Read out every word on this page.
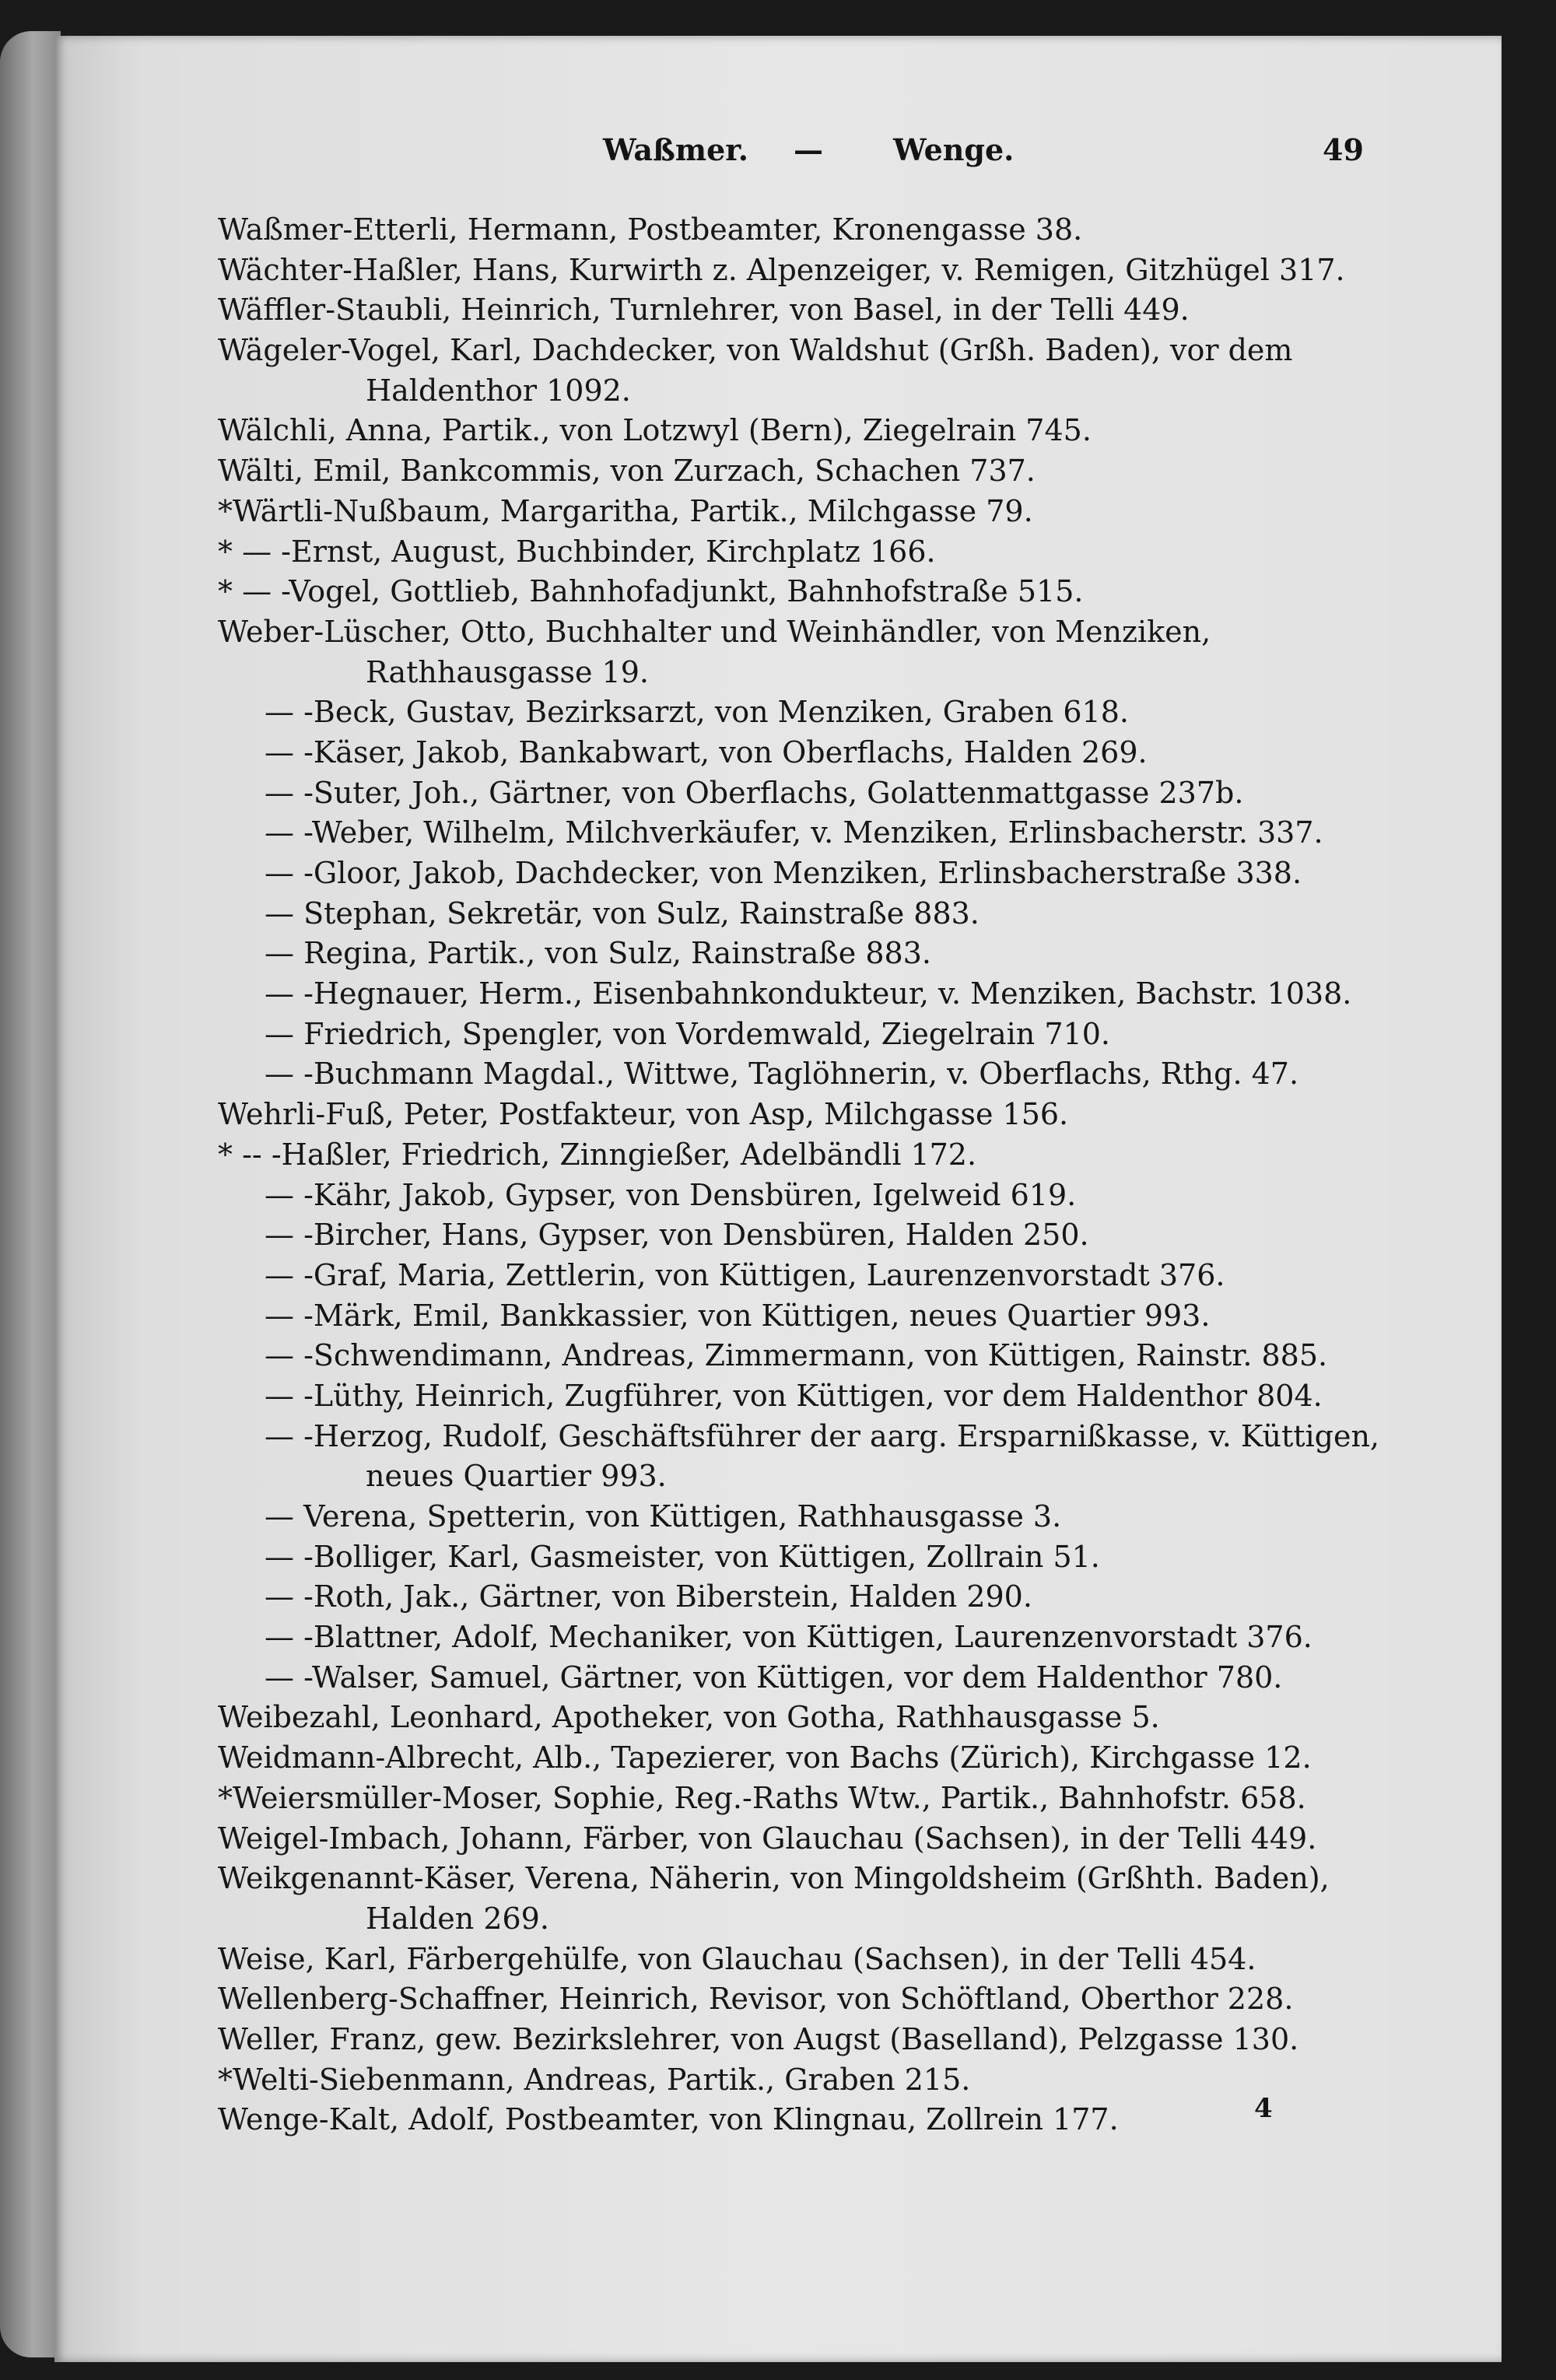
Waßmer. — Wenge.	49
Waßmer-Etterli, Hermann, Postbeamter, Kronengasse 38.
Wächter-Haßler, Hans, Kurwirth z. Alpenzeiger, v. Remigen, Gitzhügel 317.
Wäffler-Staubli, Heinrich, Turnlehrer, von Basel, in der Telli 449.
Wägeler-Vogel, Karl, Dachdecker, von Waldshut (Grßh. Baden), vor dem
Haldenthor 1092.
Wälchli, Anna, Partik., von Lotzwyl (Bern), Ziegelrain 745.
Wälti, Emil, Bankcommis, von Zurzach, Schachen 737.
*Wärtli-Nußbaum, Margaritha, Partik., Milchgasse 79.
* — -Ernst, August, Buchbinder, Kirchplatz 166.
* — -Vogel, Gottlieb, Bahnhofadjunkt, Bahnhofstraße 515.
Weber-Lüscher, Otto, Buchhalter und Weinhändler, von Menziken,
Rathhausgasse 19.
— -Beck, Gustav, Bezirksarzt, von Menziken, Graben 618.
— -Käser, Jakob, Bankabwart, von Oberflachs, Halden 269.
— -Suter, Joh., Gärtner, von Oberflachs, Golattenmattgasse 237b.
— -Weber, Wilhelm, Milchverkäufer, v. Menziken, Erlinsbacherstr. 337.
— -Gloor, Jakob, Dachdecker, von Menziken, Erlinsbacherstraße 338.
— Stephan, Sekretär, von Sulz, Rainstraße 883.
— Regina, Partik., von Sulz, Rainstraße 883.
— -Hegnauer, Herm., Eisenbahnkondukteur, v. Menziken, Bachstr. 1038.
— Friedrich, Spengler, von Vordemwald, Ziegelrain 710.
— -Buchmann Magdal., Wittwe, Taglöhnerin, v. Oberflachs, Rthg. 47.
Wehrli-Fuß, Peter, Postfakteur, von Asp, Milchgasse 156.
* -- -Haßler, Friedrich, Zinngießer, Adelbändli 172.
— -Kähr, Jakob, Gypser, von Densbüren, Igelweid 619.
— -Bircher, Hans, Gypser, von Densbüren, Halden 250.
— -Graf, Maria, Zettlerin, von Küttigen, Laurenzenvorstadt 376.
— -Märk, Emil, Bankkassier, von Küttigen, neues Quartier 993.
— -Schwendimann, Andreas, Zimmermann, von Küttigen, Rainstr. 885.
— -Lüthy, Heinrich, Zugführer, von Küttigen, vor dem Haldenthor 804.
— -Herzog, Rudolf, Geschäftsführer der aarg. Ersparnißkasse, v. Küttigen,
neues Quartier 993.
— Verena, Spetterin, von Küttigen, Rathhausgasse 3.
— -Bolliger, Karl, Gasmeister, von Küttigen, Zollrain 51.
— -Roth, Jak., Gärtner, von Biberstein, Halden 290.
— -Blattner, Adolf, Mechaniker, von Küttigen, Laurenzenvorstadt 376.
— -Walser, Samuel, Gärtner, von Küttigen, vor dem Haldenthor 780.
Weibezahl, Leonhard, Apotheker, von Gotha, Rathhausgasse 5.
Weidmann-Albrecht, Alb., Tapezierer, von Bachs (Zürich), Kirchgasse 12.
*Weiersmüller-Moser, Sophie, Reg.-Raths Wtw., Partik., Bahnhofstr. 658.
Weigel-Imbach, Johann, Färber, von Glauchau (Sachsen), in der Telli 449.
Weikgenannt-Käser, Verena, Näherin, von Mingoldsheim (Grßhth. Baden),
Halden 269.
Weise, Karl, Färbergehülfe, von Glauchau (Sachsen), in der Telli 454.
Wellenberg-Schaffner, Heinrich, Revisor, von Schöftland, Oberthor 228.
Weller, Franz, gew. Bezirkslehrer, von Augst (Baselland), Pelzgasse 130.
*Welti-Siebenmann, Andreas, Partik., Graben 215.
Wenge-Kalt, Adolf, Postbeamter, von Klingnau, Zollrein 177.	4
